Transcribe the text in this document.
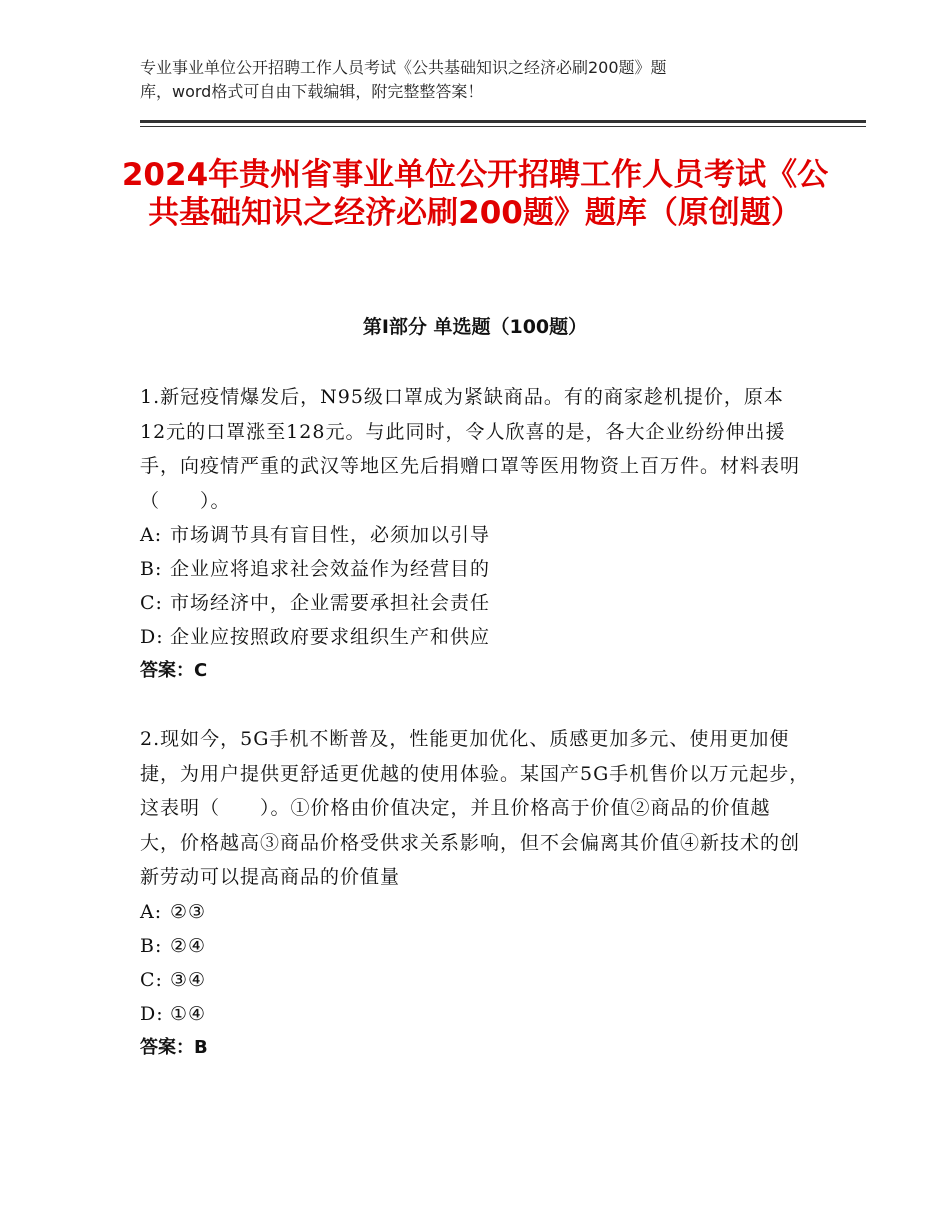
专业事业单位公开招聘工作人员考试《公共基础知识之经济必刷200题》题
库，word格式可自由下载编辑，附完整整答案！
2024年贵州省事业单位公开招聘工作人员考试《公共基础知识之经济必刷200题》题库（原创题）
第Ⅰ部分 单选题（100题）

1.新冠疫情爆发后，N95级口罩成为紧缺商品。有的商家趁机提价，原本12元的口罩涨至128元。与此同时，令人欣喜的是，各大企业纷纷伸出援手，向疫情严重的武汉等地区先后捐赠口罩等医用物资上百万件。材料表明（　　）。

A: 市场调节具有盲目性，必须加以引导
B: 企业应将追求社会效益作为经营目的
C: 市场经济中，企业需要承担社会责任
D: 企业应按照政府要求组织生产和供应

答案：C

2.现如今，5G手机不断普及，性能更加优化、质感更加多元、使用更加便捷，为用户提供更舒适更优越的使用体验。某国产5G手机售价以万元起步，这表明（　　）。①价格由价值决定，并且价格高于价值②商品的价值越大，价格越高③商品价格受供求关系影响，但不会偏离其价值④新技术的创新劳动可以提高商品的价值量

A: ②③
B: ②④
C: ③④
D: ①④

答案：B
